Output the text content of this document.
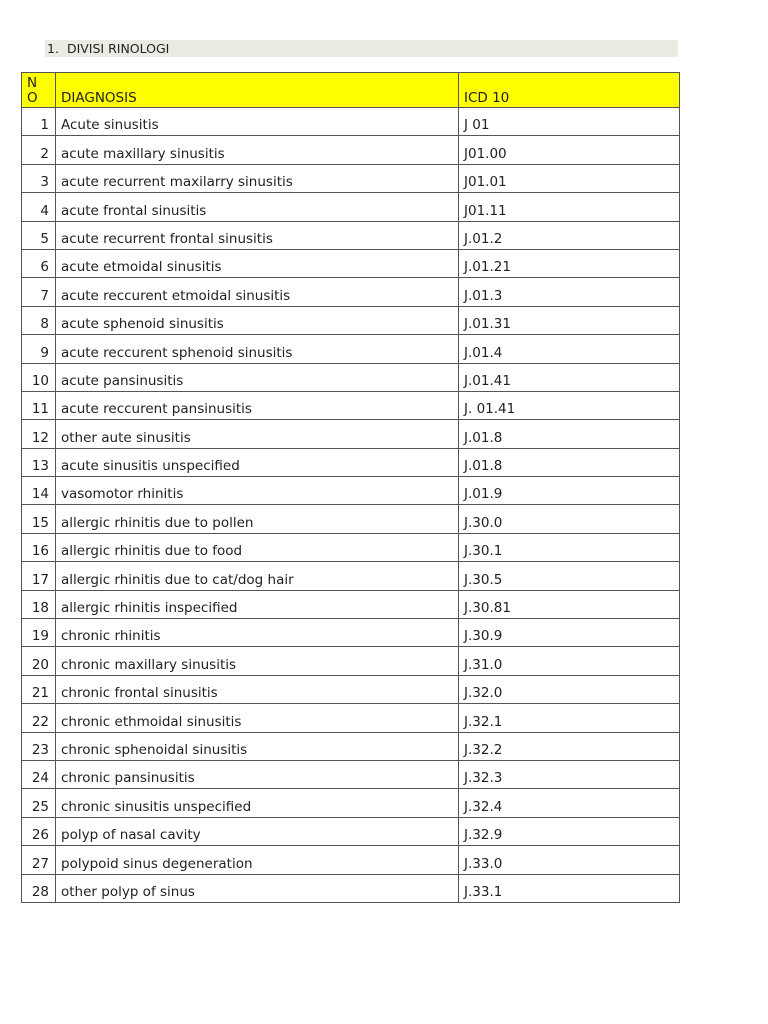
1. DIVISI RINOLOGI
N
O	DIAGNOSIS	ICD 10
1	Acute sinusitis	J 01
2	acute maxillary sinusitis	J01.00
3	acute recurrent maxilarry sinusitis	J01.01
4	acute frontal sinusitis	J01.11
5	acute recurrent frontal sinusitis	J.01.2
6	acute etmoidal sinusitis	J.01.21
7	acute reccurent etmoidal sinusitis	J.01.3
8	acute sphenoid sinusitis	J.01.31
9	acute reccurent sphenoid sinusitis	J.01.4
10	acute pansinusitis	J.01.41
11	acute reccurent pansinusitis	J. 01.41
12	other aute sinusitis	J.01.8
13	acute sinusitis unspecified	J.01.8
14	vasomotor rhinitis	J.01.9
15	allergic rhinitis due to pollen	J.30.0
16	allergic rhinitis due to food	J.30.1
17	allergic rhinitis due to cat/dog hair	J.30.5
18	allergic rhinitis inspecified	J.30.81
19	chronic rhinitis	J.30.9
20	chronic maxillary sinusitis	J.31.0
21	chronic frontal sinusitis	J.32.0
22	chronic ethmoidal sinusitis	J.32.1
23	chronic sphenoidal sinusitis	J.32.2
24	chronic pansinusitis	J.32.3
25	chronic sinusitis unspecified	J.32.4
26	polyp of nasal cavity	J.32.9
27	polypoid sinus degeneration	J.33.0
28	other polyp of sinus	J.33.1
